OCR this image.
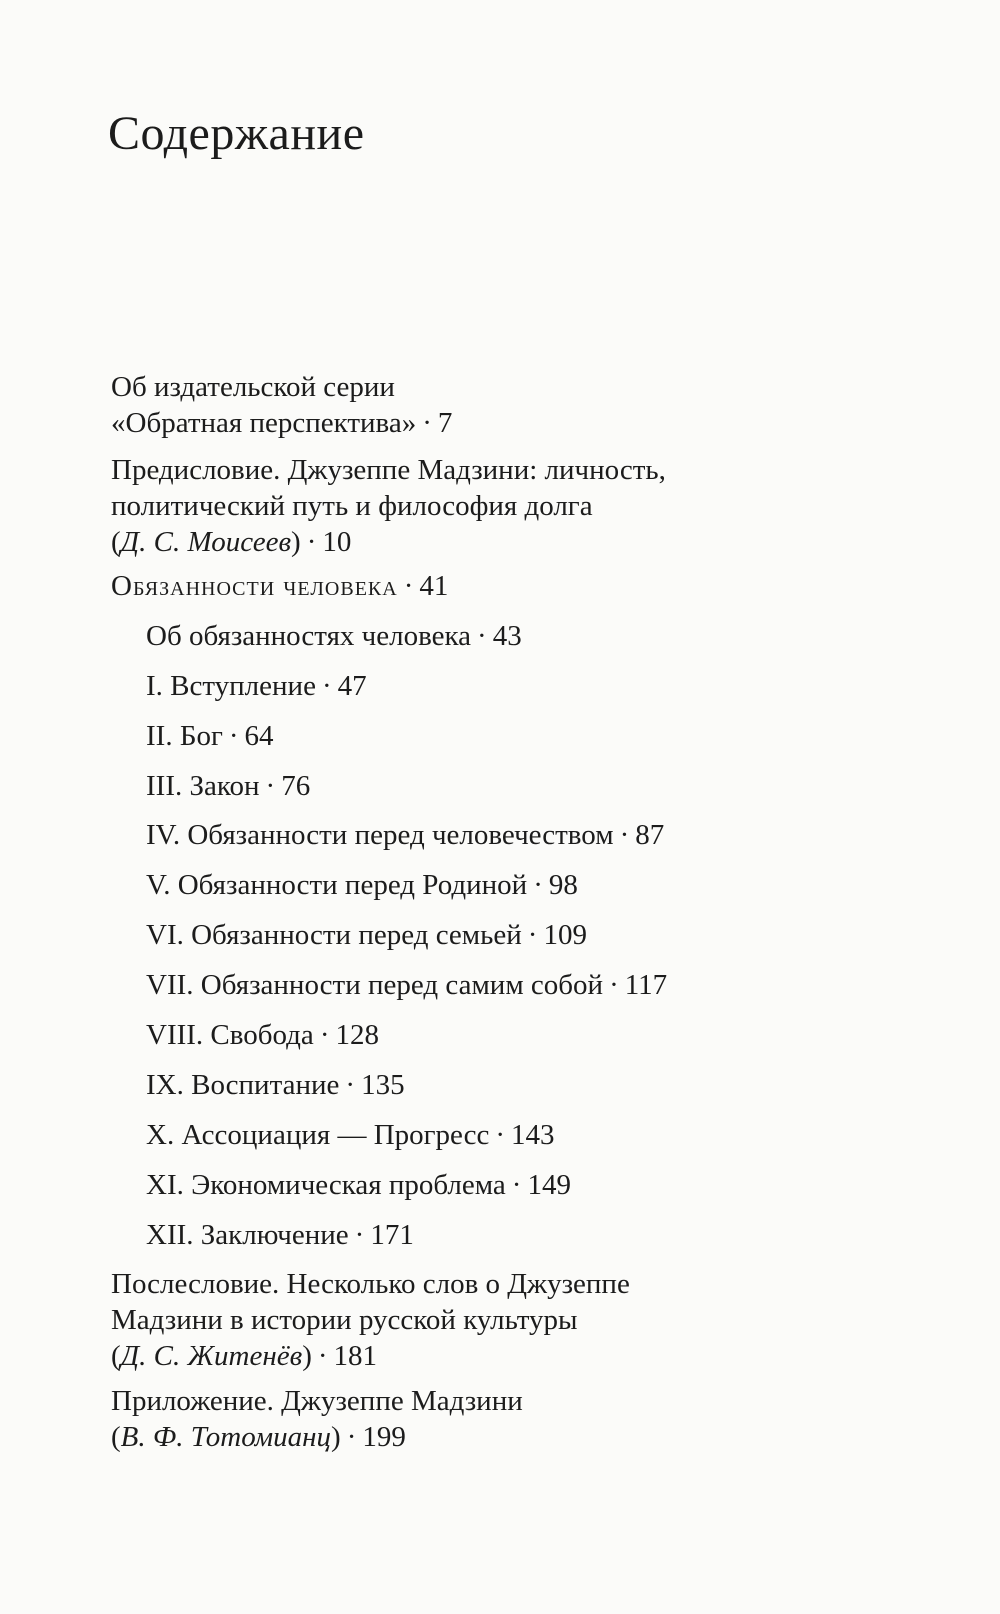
Содержание
Об издательской серии
«Обратная перспектива» · 7
Предисловие. Джузеппе Мадзини: личность,
политический путь и философия долга
(Д. С. Моисеев) · 10
Обязанности человека · 41
Об обязанностях человека · 43
I. Вступление · 47
II. Бог · 64
III. Закон · 76
IV. Обязанности перед человечеством · 87
V. Обязанности перед Родиной · 98
VI. Обязанности перед семьей · 109
VII. Обязанности перед самим собой · 117
VIII. Свобода · 128
IX. Воспитание · 135
X. Ассоциация — Прогресс · 143
XI. Экономическая проблема · 149
XII. Заключение · 171
Послесловие. Несколько слов о Джузеппе
Мадзини в истории русской культуры
(Д. С. Житенёв) · 181
Приложение. Джузеппе Мадзини
(В. Ф. Тотомианц) · 199
